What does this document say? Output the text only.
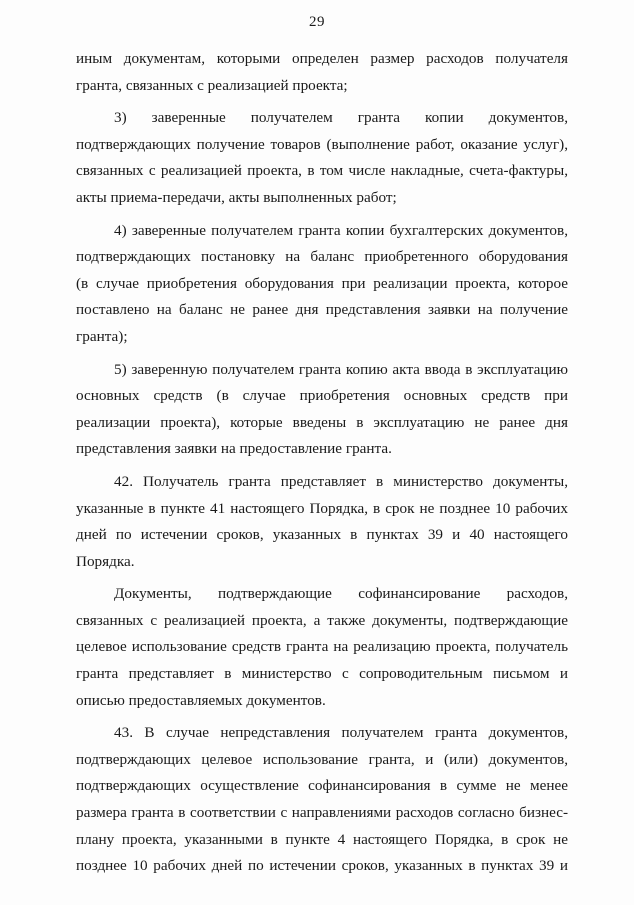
29
иным документам, которыми определен размер расходов получателя
гранта, связанных с реализацией проекта;
3) заверенные получателем гранта копии документов,
подтверждающих получение товаров (выполнение работ, оказание услуг),
связанных с реализацией проекта, в том числе накладные, счета-фактуры,
акты приема-передачи, акты выполненных работ;
4) заверенные получателем гранта копии бухгалтерских документов,
подтверждающих постановку на баланс приобретенного оборудования
(в случае приобретения оборудования при реализации проекта, которое
поставлено на баланс не ранее дня представления заявки на получение
гранта);
5) заверенную получателем гранта копию акта ввода в эксплуатацию
основных средств (в случае приобретения основных средств при
реализации проекта), которые введены в эксплуатацию не ранее дня
представления заявки на предоставление гранта.
42. Получатель гранта представляет в министерство документы,
указанные в пункте 41 настоящего Порядка, в срок не позднее 10 рабочих
дней по истечении сроков, указанных в пунктах 39 и 40 настоящего
Порядка.
Документы, подтверждающие софинансирование расходов,
связанных с реализацией проекта, а также документы, подтверждающие
целевое использование средств гранта на реализацию проекта, получатель
гранта представляет в министерство с сопроводительным письмом и
описью предоставляемых документов.
43. В случае непредставления получателем гранта документов,
подтверждающих целевое использование гранта, и (или) документов,
подтверждающих осуществление софинансирования в сумме не менее
размера гранта в соответствии с направлениями расходов согласно бизнес-
плану проекта, указанными в пункте 4 настоящего Порядка, в срок не
позднее 10 рабочих дней по истечении сроков, указанных в пунктах 39 и
